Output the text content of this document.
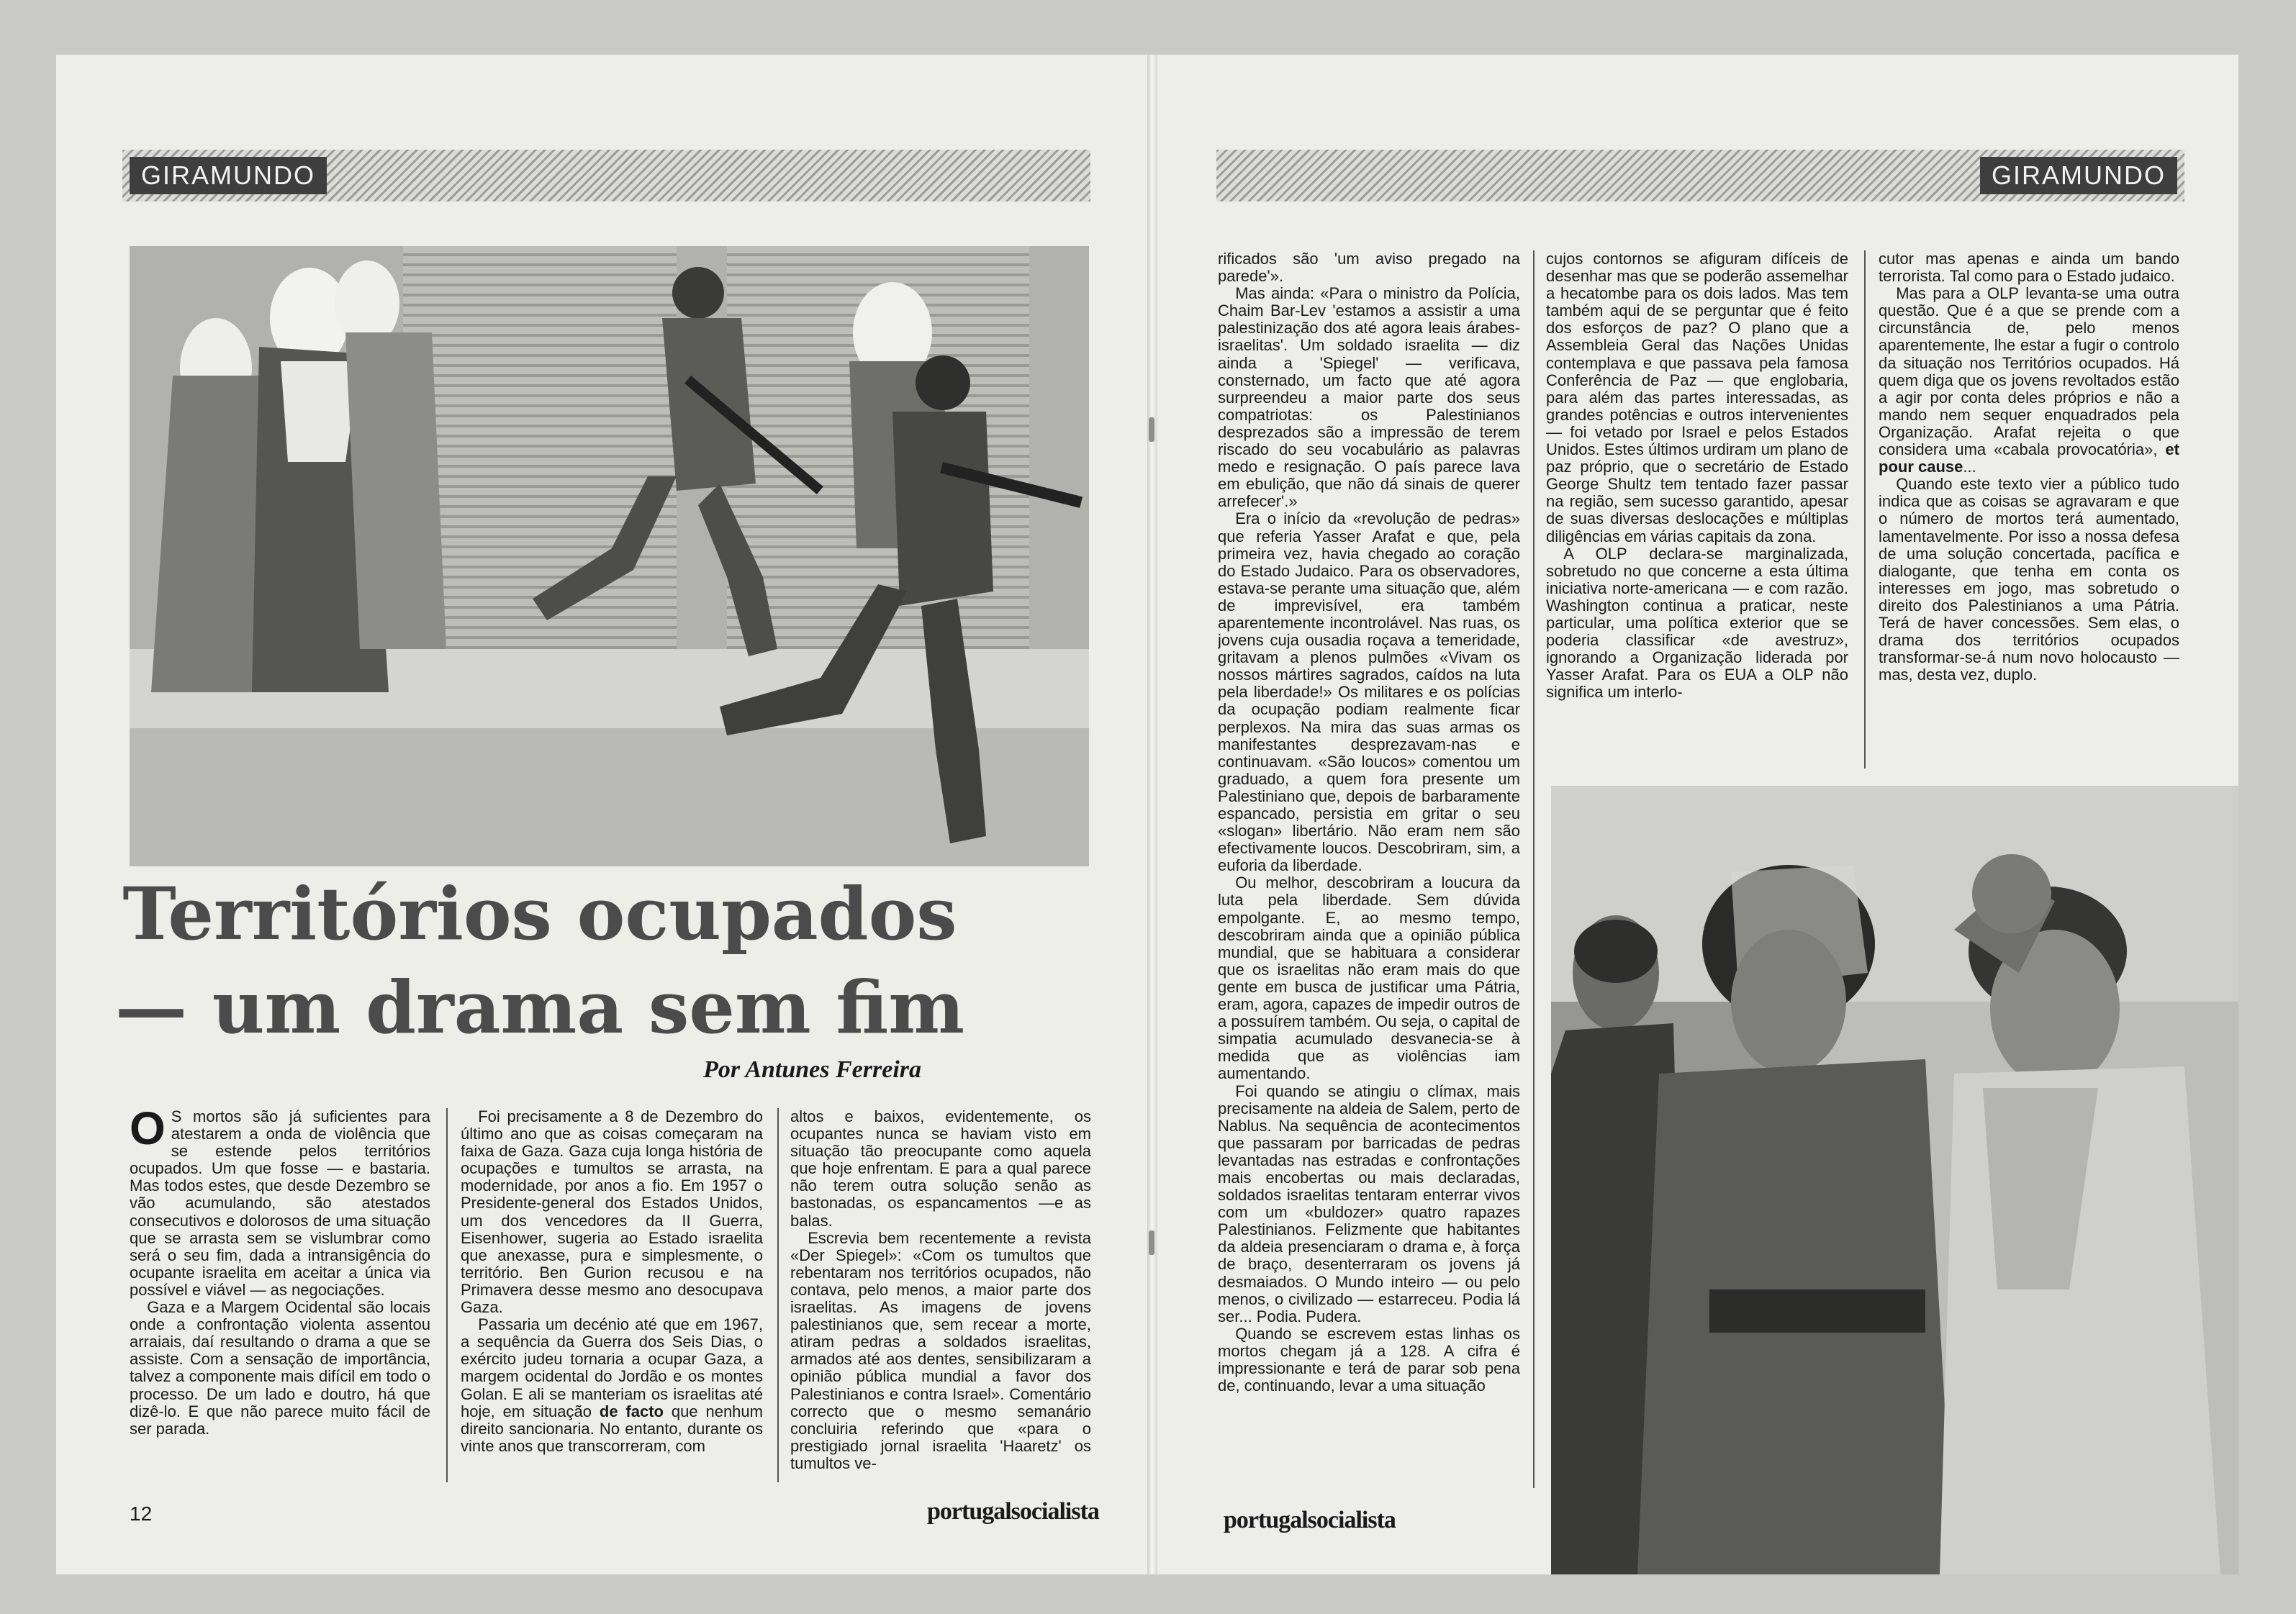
GIRAMUNDO
Territórios ocupados
— um drama sem fim
Por Antunes Ferreira

O S mortos são já suficientes para atestarem a onda de violência que se estende pelos territórios ocupados. Um que fosse — e bastaria. Mas todos estes, que desde Dezembro se vão acumulando, são atestados consecutivos e dolorosos de uma situação que se arrasta sem se vislumbrar como será o seu fim, dada a intransigência do ocupante israelita em aceitar a única via possível e viável — as negociações.

Gaza e a Margem Ocidental são locais onde a confrontação violenta assentou arraiais, daí resultando o drama a que se assiste. Com a sensação de importância, talvez a componente mais difícil em todo o processo. De um lado e doutro, há que dizê-lo. E que não parece muito fácil de ser parada.

Foi precisamente a 8 de Dezembro do último ano que as coisas começaram na faixa de Gaza. Gaza cuja longa história de ocupações e tumultos se arrasta, na modernidade, por anos a fio. Em 1957 o Presidente-general dos Estados Unidos, um dos vencedores da II Guerra, Eisenhower, sugeria ao Estado israelita que anexasse, pura e simplesmente, o território. Ben Gurion recusou e na Primavera desse mesmo ano desocupava Gaza.

Passaria um decénio até que em 1967, a sequência da Guerra dos Seis Dias, o exército judeu tornaria a ocupar Gaza, a margem ocidental do Jordão e os montes Golan. E ali se manteriam os israelitas até hoje, em situação de facto que nenhum direito sancionaria. No entanto, durante os vinte anos que transcorreram, com

altos e baixos, evidentemente, os ocupantes nunca se haviam visto em situação tão preocupante como aquela que hoje enfrentam. E para a qual parece não terem outra solução senão as bastonadas, os espancamentos —e as balas.

Escrevia bem recentemente a revista «Der Spiegel»: «Com os tumultos que rebentaram nos territórios ocupados, não contava, pelo menos, a maior parte dos israelitas. As imagens de jovens palestinianos que, sem recear a morte, atiram pedras a soldados israelitas, armados até aos dentes, sensibilizaram a opinião pública mundial a favor dos Palestinianos e contra Israel». Comentário correcto que o mesmo semanário concluiria referindo que «para o prestigiado jornal israelita 'Haaretz' os tumultos ve-

12	portugalsocialista
GIRAMUNDO

rificados são 'um aviso pregado na parede'».

Mas ainda: «Para o ministro da Polícia, Chaim Bar-Lev 'estamos a assistir a uma palestinização dos até agora leais árabes-israelitas'. Um soldado israelita — diz ainda a 'Spiegel' — verificava, consternado, um facto que até agora surpreendeu a maior parte dos seus compatriotas: os Palestinianos desprezados são a impressão de terem riscado do seu vocabulário as palavras medo e resignação. O país parece lava em ebulição, que não dá sinais de querer arrefecer'.»

Era o início da «revolução de pedras» que referia Yasser Arafat e que, pela primeira vez, havia chegado ao coração do Estado Judaico. Para os observadores, estava-se perante uma situação que, além de imprevisível, era também aparentemente incontrolável. Nas ruas, os jovens cuja ousadia roçava a temeridade, gritavam a plenos pulmões «Vivam os nossos mártires sagrados, caídos na luta pela liberdade!» Os militares e os polícias da ocupação podiam realmente ficar perplexos. Na mira das suas armas os manifestantes desprezavam-nas e continuavam. «São loucos» comentou um graduado, a quem fora presente um Palestiniano que, depois de barbaramente espancado, persistia em gritar o seu «slogan» libertário. Não eram nem são efectivamente loucos. Descobriram, sim, a euforia da liberdade.

Ou melhor, descobriram a loucura da luta pela liberdade. Sem dúvida empolgante. E, ao mesmo tempo, descobriram ainda que a opinião pública mundial, que se habituara a considerar que os israelitas não eram mais do que gente em busca de justificar uma Pátria, eram, agora, capazes de impedir outros de a possuírem também. Ou seja, o capital de simpatia acumulado desvanecia-se à medida que as violências iam aumentando.

Foi quando se atingiu o clímax, mais precisamente na aldeia de Salem, perto de Nablus. Na sequência de acontecimentos que passaram por barricadas de pedras levantadas nas estradas e confrontações mais encobertas ou mais declaradas, soldados israelitas tentaram enterrar vivos com um «buldozer» quatro rapazes Palestinianos. Felizmente que habitantes da aldeia presenciaram o drama e, à força de braço, desenterraram os jovens já desmaiados. O Mundo inteiro — ou pelo menos, o civilizado — estarreceu. Podia lá ser... Podia. Pudera.

Quando se escrevem estas linhas os mortos chegam já a 128. A cifra é impressionante e terá de parar sob pena de, continuando, levar a uma situação

cujos contornos se afiguram difíceis de desenhar mas que se poderão assemelhar a hecatombe para os dois lados. Mas tem também aqui de se perguntar que é feito dos esforços de paz? O plano que a Assembleia Geral das Nações Unidas contemplava e que passava pela famosa Conferência de Paz — que englobaria, para além das partes interessadas, as grandes potências e outros intervenientes — foi vetado por Israel e pelos Estados Unidos. Estes últimos urdiram um plano de paz próprio, que o secretário de Estado George Shultz tem tentado fazer passar na região, sem sucesso garantido, apesar de suas diversas deslocações e múltiplas diligências em várias capitais da zona.

A OLP declara-se marginalizada, sobretudo no que concerne a esta última iniciativa norte-americana — e com razão. Washington continua a praticar, neste particular, uma política exterior que se poderia classificar «de avestruz», ignorando a Organização liderada por Yasser Arafat. Para os EUA a OLP não significa um interlo-

cutor mas apenas e ainda um bando terrorista. Tal como para o Estado judaico.

Mas para a OLP levanta-se uma outra questão. Que é a que se prende com a circunstância de, pelo menos aparentemente, lhe estar a fugir o controlo da situação nos Territórios ocupados. Há quem diga que os jovens revoltados estão a agir por conta deles próprios e não a mando nem sequer enquadrados pela Organização. Arafat rejeita o que considera uma «cabala provocatória», et pour cause...

Quando este texto vier a público tudo indica que as coisas se agravaram e que o número de mortos terá aumentado, lamentavelmente. Por isso a nossa defesa de uma solução concertada, pacífica e dialogante, que tenha em conta os interesses em jogo, mas sobretudo o direito dos Palestinianos a uma Pátria. Terá de haver concessões. Sem elas, o drama dos territórios ocupados transformar-se-á num novo holocausto — mas, desta vez, duplo.

portugalsocialista
